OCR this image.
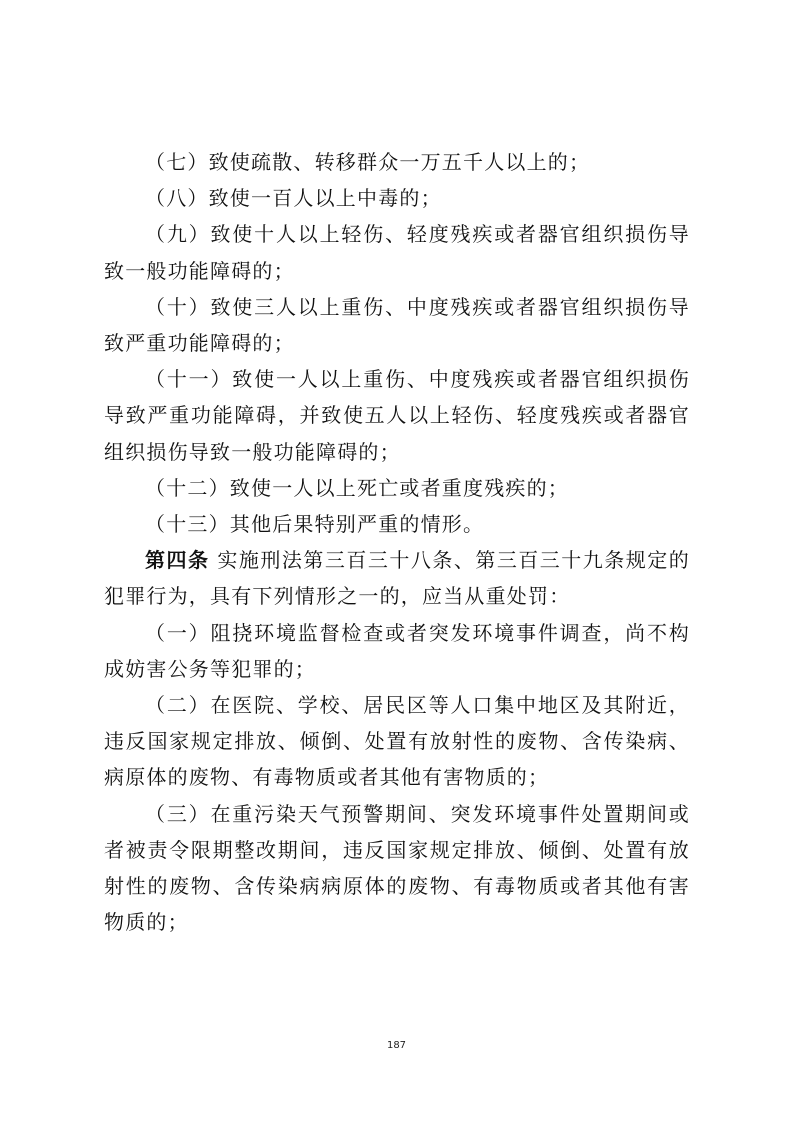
（七）致使疏散、转移群众一万五千人以上的；

（八）致使一百人以上中毒的；

（九）致使十人以上轻伤、轻度残疾或者器官组织损伤导致一般功能障碍的；

（十）致使三人以上重伤、中度残疾或者器官组织损伤导致严重功能障碍的；

（十一）致使一人以上重伤、中度残疾或者器官组织损伤导致严重功能障碍，并致使五人以上轻伤、轻度残疾或者器官组织损伤导致一般功能障碍的；

（十二）致使一人以上死亡或者重度残疾的；

（十三）其他后果特别严重的情形。

第四条 实施刑法第三百三十八条、第三百三十九条规定的犯罪行为，具有下列情形之一的，应当从重处罚：

（一）阻挠环境监督检查或者突发环境事件调查，尚不构成妨害公务等犯罪的；

（二）在医院、学校、居民区等人口集中地区及其附近，违反国家规定排放、倾倒、处置有放射性的废物、含传染病、病原体的废物、有毒物质或者其他有害物质的；

（三）在重污染天气预警期间、突发环境事件处置期间或者被责令限期整改期间，违反国家规定排放、倾倒、处置有放射性的废物、含传染病病原体的废物、有毒物质或者其他有害物质的；

187
